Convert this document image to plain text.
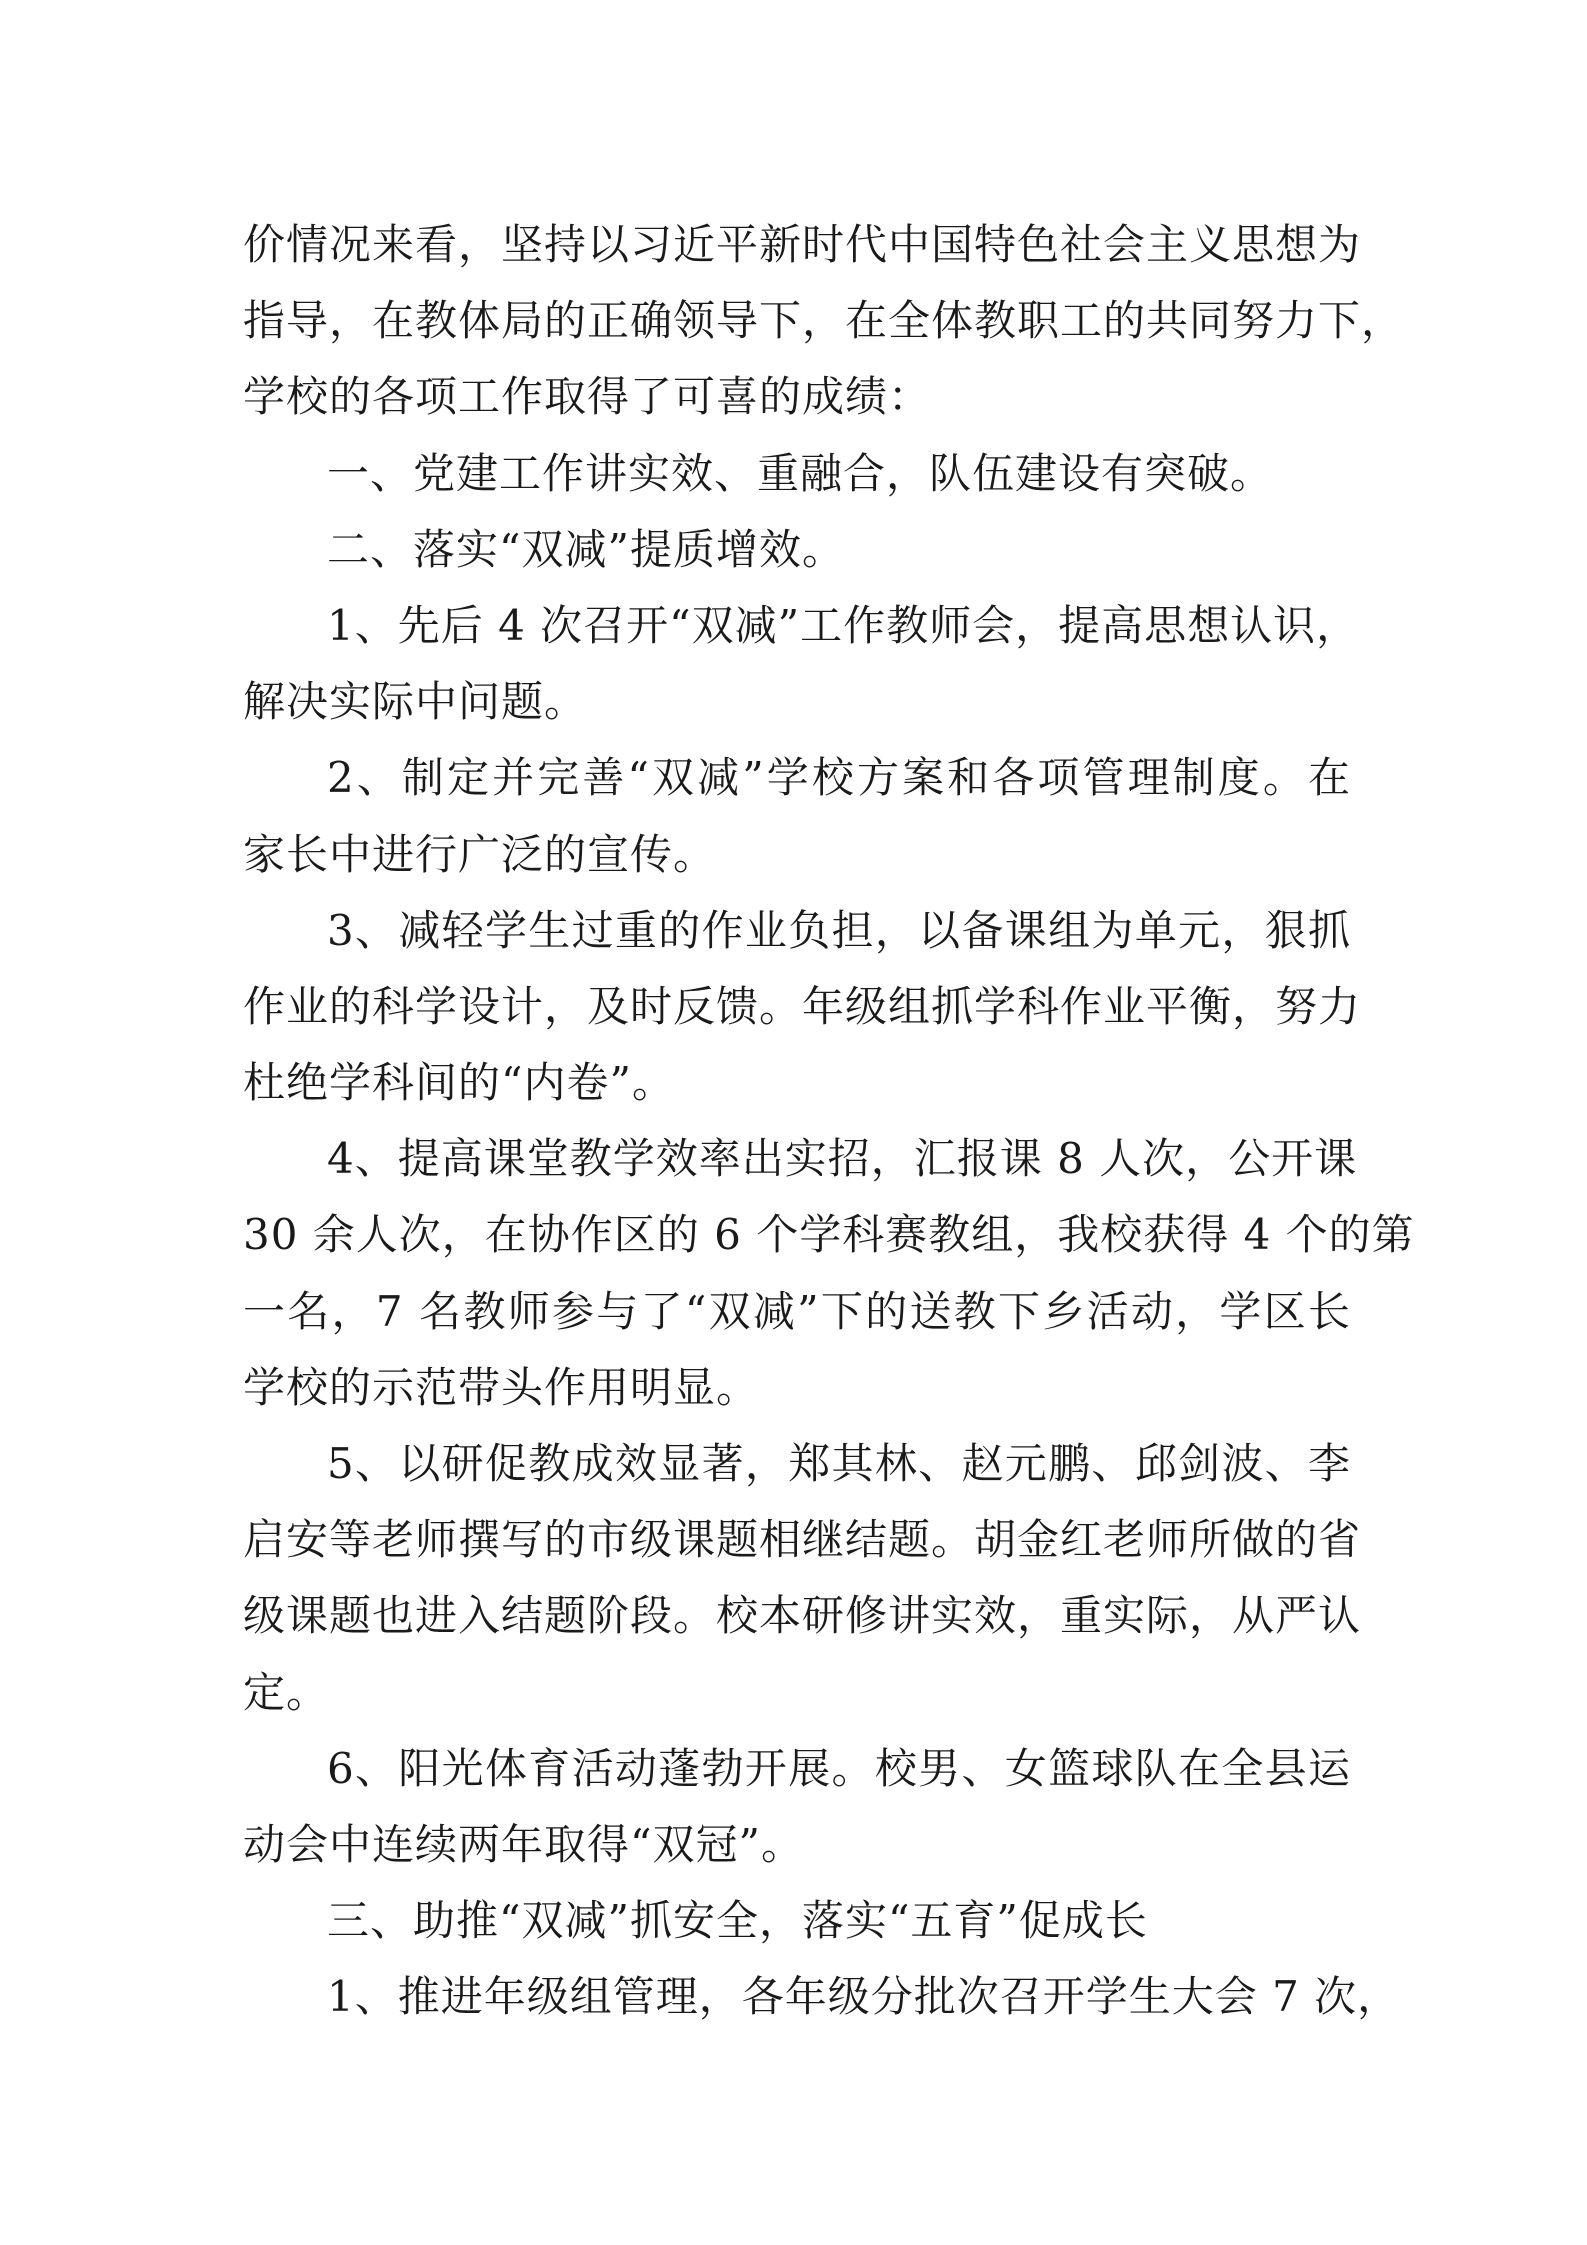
价情况来看，坚持以习近平新时代中国特色社会主义思想为
指导，在教体局的正确领导下，在全体教职工的共同努力下，
学校的各项工作取得了可喜的成绩：
一、党建工作讲实效、重融合，队伍建设有突破。
二、落实“双减”提质增效。
1、先后 4 次召开“双减”工作教师会，提高思想认识，
解决实际中问题。
2、制定并完善“双减”学校方案和各项管理制度。在
家长中进行广泛的宣传。
3、减轻学生过重的作业负担，以备课组为单元，狠抓
作业的科学设计，及时反馈。年级组抓学科作业平衡，努力
杜绝学科间的“内卷”。
4、提高课堂教学效率出实招，汇报课 8 人次，公开课
30 余人次，在协作区的 6 个学科赛教组，我校获得 4 个的第
一名，7 名教师参与了“双减”下的送教下乡活动，学区长
学校的示范带头作用明显。
5、以研促教成效显著，郑其林、赵元鹏、邱剑波、李
启安等老师撰写的市级课题相继结题。胡金红老师所做的省
级课题也进入结题阶段。校本研修讲实效，重实际，从严认
定。
6、阳光体育活动蓬勃开展。校男、女篮球队在全县运
动会中连续两年取得“双冠”。
三、助推“双减”抓安全，落实“五育”促成长
1、推进年级组管理，各年级分批次召开学生大会 7 次，
